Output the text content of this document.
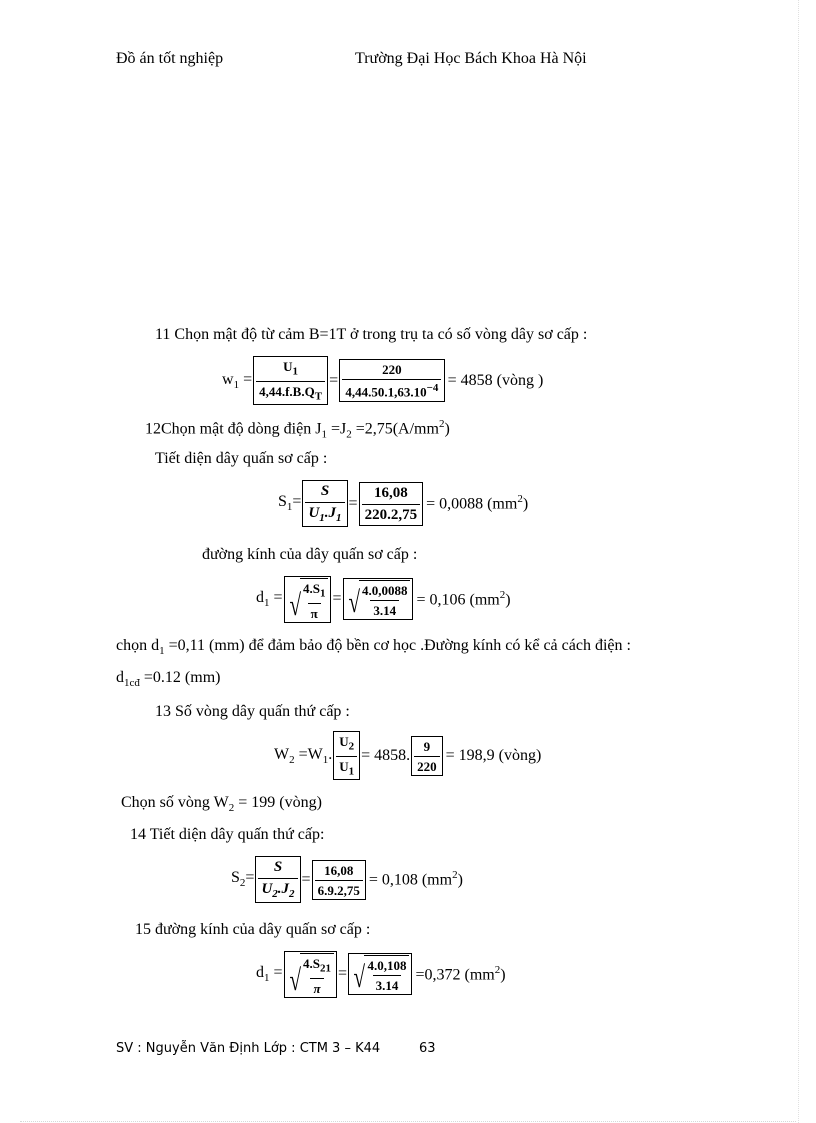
Đồ án tốt nghiệp	Trường Đại Học Bách Khoa Hà Nội
11 Chọn mật độ từ cảm B=1T ở trong trụ ta có số vòng dây sơ cấp :
$w_1 = \frac{U_1}{4,44.f.B.Q_T} = \frac{220}{4,44.50.1,63.10^{-4}} = 4858$ (vòng )
12Chọn mật độ dòng điện $J_1 =J_2 =2,75(A/mm^2)$
Tiết diện dây quấn sơ cấp :
$S_1= \frac{S}{U_1.J_1} = \frac{16,08}{220.2,75} = 0,0088$ $(mm^2)$
đường kính của dây quấn sơ cấp :
$d_1$ = √ $\frac{4.S_1}{\pi}$ = √ $\frac{4.0,0088}{3.14} = 0,106$ $(mm^2)$
chọn $d_1 =0,11$ (mm) để đảm bảo độ bền cơ học .Đường kính có kể cả cách điện :
$d_{1cđ} =0.12$ (mm)
13 Số vòng dây quấn thứ cấp :
$W_2 =W_1$. $\frac{U_2}{U_1} = 4858$. $\frac{9}{220} = 198,9$ (vòng)
Chọn số vòng $W_2 = 199$ (vòng)
14 Tiết diện dây quấn thứ cấp:
$S_2= \frac{S}{U_2.J_2} = \frac{16,08}{6.9.2,75} = 0,108$ $(mm^2)$
15 đường kính của dây quấn sơ cấp :
$d_1$ = √ $\frac{4.S_{21}}{\pi}$ = √ $\frac{4.0,108}{3.14} =0,372$ $(mm^2)$
SV : Nguyễn Văn Định Lớp : CTM 3 – K44	63
